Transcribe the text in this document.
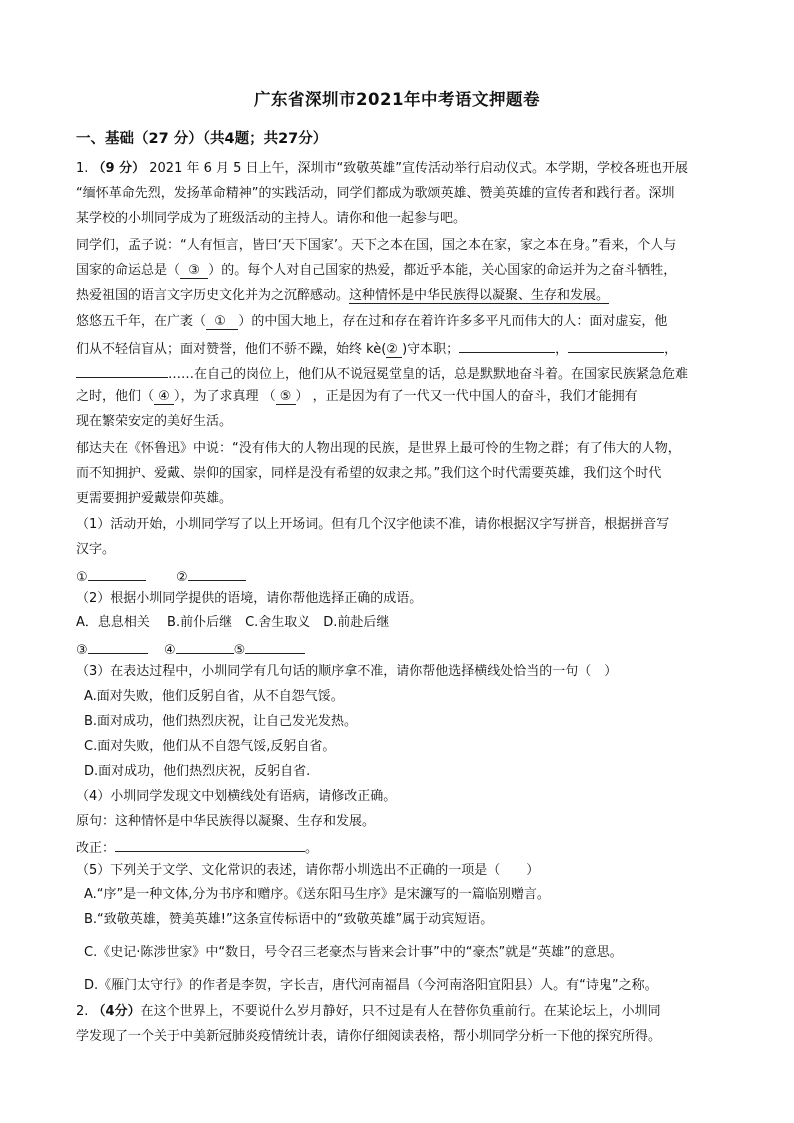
广东省深圳市2021年中考语文押题卷
一、基础（27 分）（共4题；共27分）
1. （9 分） 2021 年 6 月 5 日上午，深圳市“致敬英雄”宣传活动举行启动仪式。本学期，学校各班也开展
“缅怀革命先烈，发扬革命精神”的实践活动，同学们都成为歌颂英雄、赞美英雄的宣传者和践行者。深圳
某学校的小圳同学成为了班级活动的主持人。请你和他一起参与吧。
同学们，孟子说：“人有恒言，皆曰‘天下国家’。天下之本在国，国之本在家，家之本在身。”看来，个人与
国家的命运总是（ ③ ）的。每个人对自己国家的热爱，都近乎本能，关心国家的命运并为之奋斗牺牲，
热爱祖国的语言文字历史文化并为之沉醉感动。这种情怀是中华民族得以凝聚、生存和发展。
悠悠五千年，在广袤（ ① ）的中国大地上，存在过和存在着许许多多平凡而伟大的人：面对虚妄，他
们从不轻信盲从；面对赞誉，他们不骄不躁，始终 kè(② )守本职；	，	，
……在自己的岗位上，他们从不说冠冕堂皇的话，总是默默地奋斗着。在国家民族紧急危难
之时，他们（ ④ ），为了求真理 （ ⑤ ） ，正是因为有了一代又一代中国人的奋斗，我们才能拥有
现在繁荣安定的美好生活。
郁达夫在《怀鲁迅》中说：“没有伟大的人物出现的民族，是世界上最可怜的生物之群；有了伟大的人物，
而不知拥护、爱戴、崇仰的国家，同样是没有希望的奴隶之邦。”我们这个时代需要英雄，我们这个时代
更需要拥护爱戴崇仰英雄。
（1）活动开始，小圳同学写了以上开场词。但有几个汉字他读不准，请你根据汉字写拼音，根据拼音写
汉字。
①	②
（2）根据小圳同学提供的语境，请你帮他选择正确的成语。
A．息息相关　 B.前仆后继　C.舍生取义　D.前赴后继
③	④	⑤
（3）在表达过程中，小圳同学有几句话的顺序拿不准，请你帮他选择横线处恰当的一句（　）
A.面对失败，他们反躬自省，从不自怨气馁。
B.面对成功，他们热烈庆祝，让自己发光发热。
C.面对失败，他们从不自怨气馁,反躬自省。
D.面对成功，他们热烈庆祝，反躬自省.
（4）小圳同学发现文中划横线处有语病，请修改正确。
原句：这种情怀是中华民族得以凝聚、生存和发展。
改正：	。
（5）下列关于文学、文化常识的表述，请你帮小圳选出不正确的一项是（　　）
A.“序”是一种文体,分为书序和赠序。《送东阳马生序》是宋濂写的一篇临别赠言。
B.“致敬英雄，赞美英雄!”这条宣传标语中的“致敬英雄”属于动宾短语。
C.《史记·陈涉世家》中“数日，号令召三老豪杰与皆来会计事”中的“豪杰”就是“英雄”的意思。
D.《雁门太守行》的作者是李贺，字长吉，唐代河南福昌（今河南洛阳宜阳县）人。有“诗鬼”之称。
2. （4分）在这个世界上，不要说什么岁月静好，只不过是有人在替你负重前行。在某论坛上，小圳同
学发现了一个关于中美新冠肺炎疫情统计表，请你仔细阅读表格，帮小圳同学分析一下他的探究所得。
